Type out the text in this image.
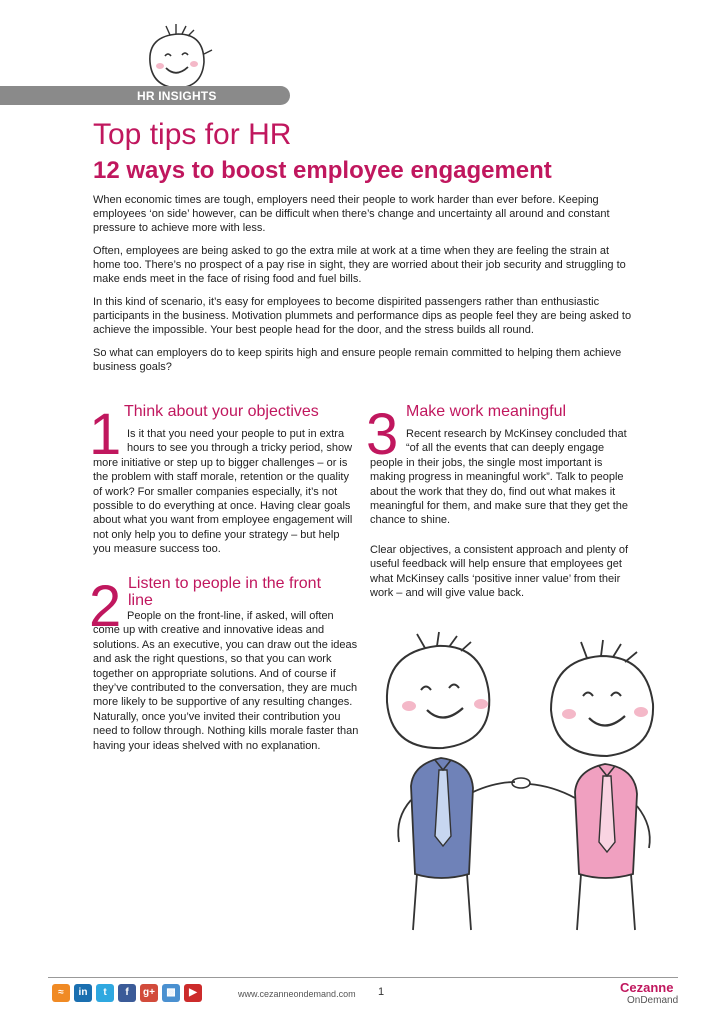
HR INSIGHTS
Top tips for HR
12 ways to boost employee engagement

When economic times are tough, employers need their people to work harder than ever before. Keeping employees ‘on side’ however, can be difficult when there’s change and uncertainty all around and constant pressure to achieve more with less.

Often, employees are being asked to go the extra mile at work at a time when they are feeling the strain at home too. There’s no prospect of a pay rise in sight, they are worried about their job security and struggling to make ends meet in the face of rising food and fuel bills.

In this kind of scenario, it’s easy for employees to become dispirited passengers rather than enthusiastic participants in the business. Motivation plummets and performance dips as people feel they are being asked to achieve the impossible. Your best people head for the door, and the stress builds all round.

So what can employers do to keep spirits high and ensure people remain committed to helping them achieve business goals?

1 Think about your objectives
Is it that you need your people to put in extra hours to see you through a tricky period, show more initiative or step up to bigger challenges – or is the problem with staff morale, retention or the quality of work? For smaller companies especially, it’s not possible to do everything at once. Having clear goals about what you want from employee engagement will not only help you to define your strategy – but help you measure success too.
2 Listen to people in the front line
People on the front-line, if asked, will often come up with creative and innovative ideas and solutions. As an executive, you can draw out the ideas and ask the right questions, so that you can work together on appropriate solutions. And of course if they’ve contributed to the conversation, they are much more likely to be supportive of any resulting changes. Naturally, once you’ve invited their contribution you need to follow through. Nothing kills morale faster than having your ideas shelved with no explanation.
3 Make work meaningful
Recent research by McKinsey concluded that “of all the events that can deeply engage people in their jobs, the single most important is making progress in meaningful work”. Talk to people about the work that they do, find out what makes it meaningful for them, and make sure that they get the chance to shine.
Clear objectives, a consistent approach and plenty of useful feedback will help ensure that employees get what McKinsey calls ‘positive inner value’ from their work – and will give value back.
≈	in	t	f	g+	▩	▶	www.cezanneondemand.com 1	Cezanne
OnDemand
